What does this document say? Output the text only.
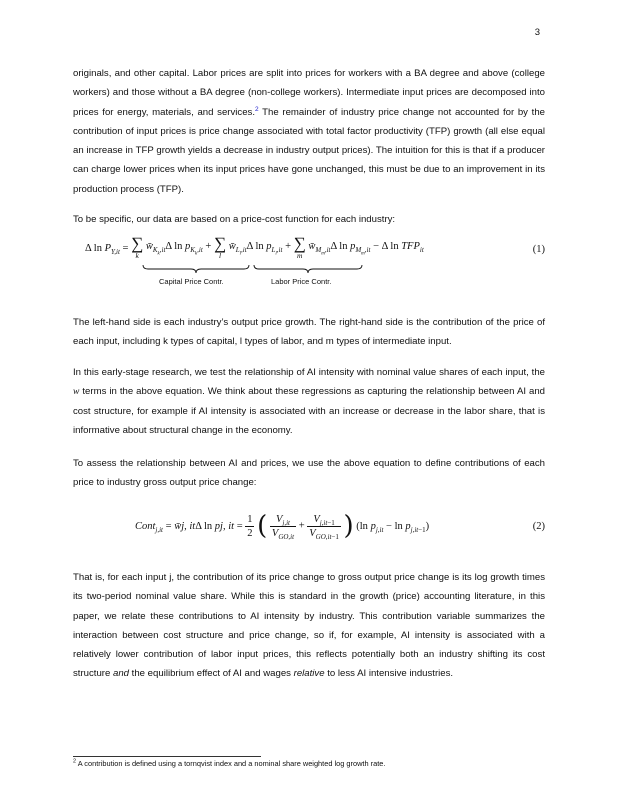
3

originals, and other capital. Labor prices are split into prices for workers with a BA degree and above (college workers) and those without a BA degree (non-college workers). Intermediate input prices are decomposed into prices for energy, materials, and services.$^2$ The remainder of industry price change not accounted for by the contribution of input prices is price change associated with total factor productivity (TFP) growth (all else equal an increase in TFP growth yields a decrease in industry output prices). The intuition for this is that if a producer can charge lower prices when its input prices have gone unchanged, this must be due to an improvement in its production process (TFP).

To be specific, our data are based on a price-cost function for each industry:

Δ $\ln P_{Y,it}$ = ∑
k
$w̄_{K_k,it}\Delta$ $\ln p_{K_k,it}$ + ∑
l
$w̄_{L_l,it}\Delta$ $\ln p_{L_l,it}$ + ∑
m
$w̄_{M_m,it}\Delta$ $\ln p_{M_m,it} - \Delta$ $\ln TFP_{it}$	(1)
Capital Price Contr.	Labor Price Contr.

The left-hand side is each industry’s output price growth. The right-hand side is the contribution of the price of each input, including k types of capital, l types of labor, and m types of intermediate input.

In this early-stage research, we test the relationship of AI intensity with nominal value shares of each input, the w terms in the above equation. We think about these regressions as capturing the relationship between AI and cost structure, for example if AI intensity is associated with an increase or decrease in the labor share, that is informative about structural change in the economy.

To assess the relationship between AI and prices, we use the above equation to define contributions of each price to industry gross output price change:

Cont$_{j,it}$ = w̄j, itΔ ln pj, it = $\frac{1}{2}$ ( $\frac{V_{j,it}}{V_{GO,it}} + \frac{V_{j,it-1}}{V_{GO,it-1}}$ ) (ln $p_{j,it} - \ln p_{j,it-1}$)	(2)

That is, for each input j, the contribution of its price change to gross output price change is its log growth times its two-period nominal value share. While this is standard in the growth (price) accounting literature, in this paper, we relate these contributions to AI intensity by industry. This contribution variable summarizes the interaction between cost structure and price change, so if, for example, AI intensity is associated with a relatively lower contribution of labor input prices, this reflects potentially both an industry shifting its cost structure and the equilibrium effect of AI and wages relative to less AI intensive industries.

$^2$ A contribution is defined using a tornqvist index and a nominal share weighted log growth rate.
